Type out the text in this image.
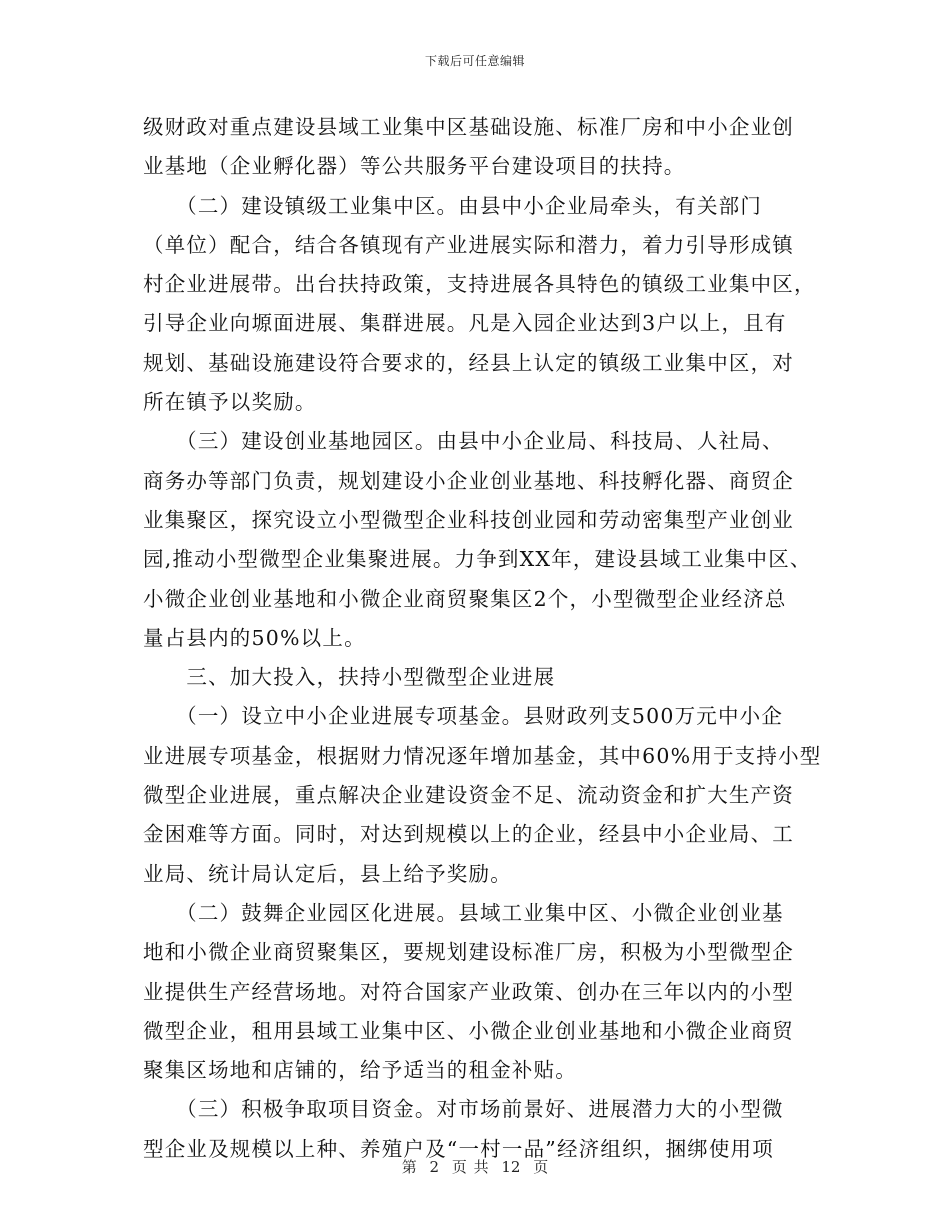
下载后可任意编辑
级财政对重点建设县域工业集中区基础设施、标准厂房和中小企业创
业基地（企业孵化器）等公共服务平台建设项目的扶持。
　　（二）建设镇级工业集中区。由县中小企业局牵头，有关部门
（单位）配合，结合各镇现有产业进展实际和潜力，着力引导形成镇
村企业进展带。出台扶持政策，支持进展各具特色的镇级工业集中区，
引导企业向塬面进展、集群进展。凡是入园企业达到3户以上，且有
规划、基础设施建设符合要求的，经县上认定的镇级工业集中区，对
所在镇予以奖励。
　　（三）建设创业基地园区。由县中小企业局、科技局、人社局、
商务办等部门负责，规划建设小企业创业基地、科技孵化器、商贸企
业集聚区，探究设立小型微型企业科技创业园和劳动密集型产业创业
园,推动小型微型企业集聚进展。力争到XX年，建设县域工业集中区、
小微企业创业基地和小微企业商贸聚集区2个，小型微型企业经济总
量占县内的50%以上。
　　三、加大投入，扶持小型微型企业进展
　　（一）设立中小企业进展专项基金。县财政列支500万元中小企
业进展专项基金，根据财力情况逐年增加基金，其中60%用于支持小型
微型企业进展，重点解决企业建设资金不足、流动资金和扩大生产资
金困难等方面。同时，对达到规模以上的企业，经县中小企业局、工
业局、统计局认定后，县上给予奖励。
　　（二）鼓舞企业园区化进展。县域工业集中区、小微企业创业基
地和小微企业商贸聚集区，要规划建设标准厂房，积极为小型微型企
业提供生产经营场地。对符合国家产业政策、创办在三年以内的小型
微型企业，租用县域工业集中区、小微企业创业基地和小微企业商贸
聚集区场地和店铺的，给予适当的租金补贴。
　　（三）积极争取项目资金。对市场前景好、进展潜力大的小型微
型企业及规模以上种、养殖户及“一村一品”经济组织，捆绑使用项
第 2 页 共 12 页
